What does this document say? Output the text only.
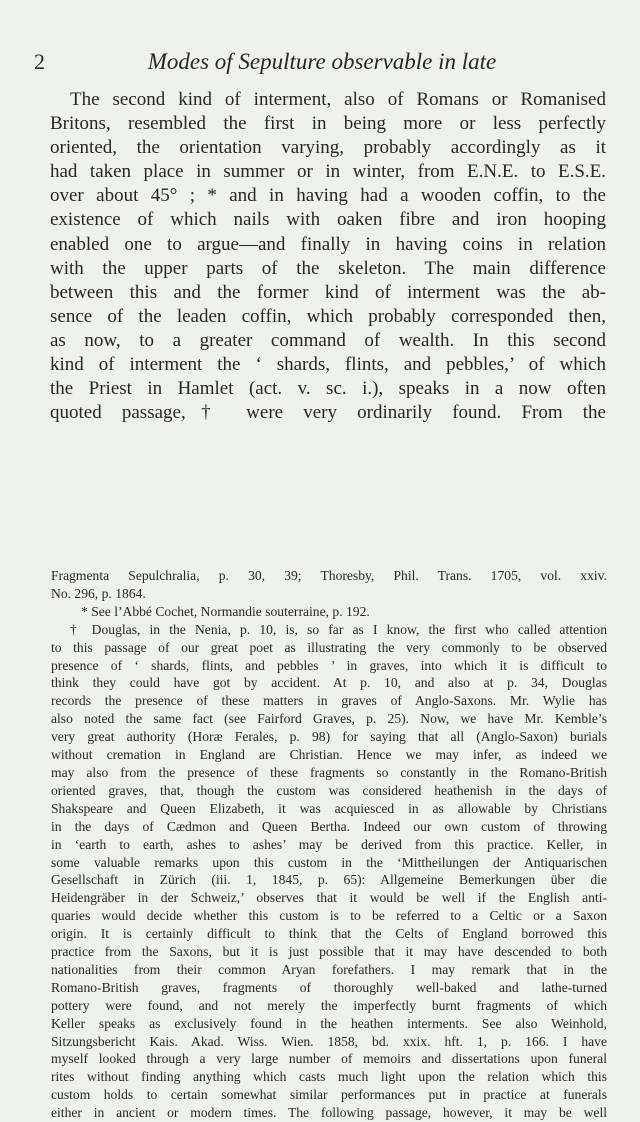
2	Modes of Sepulture observable in late
The second kind of interment, also of Romans or Romanised
Britons, resembled the first in being more or less perfectly
oriented, the orientation varying, probably accordingly as it
had taken place in summer or in winter, from E.N.E. to E.S.E.
over about 45° ; * and in having had a wooden coffin, to the
existence of which nails with oaken fibre and iron hooping
enabled one to argue—and finally in having coins in relation
with the upper parts of the skeleton. The main difference
between this and the former kind of interment was the ab-
sence of the leaden coffin, which probably corresponded then,
as now, to a greater command of wealth. In this second
kind of interment the ‘ shards, flints, and pebbles,’ of which
the Priest in Hamlet (act. v. sc. i.), speaks in a now often
quoted passage,† were very ordinarily found. From the
Fragmenta Sepulchralia, p. 30, 39; Thoresby, Phil. Trans. 1705, vol. xxiv.
No. 296, p. 1864.
* See l’Abbé Cochet, Normandie souterraine, p. 192.
† Douglas, in the Nenia, p. 10, is, so far as I know, the first who called attention
to this passage of our great poet as illustrating the very commonly to be observed
presence of ‘ shards, flints, and pebbles ’ in graves, into which it is difficult to
think they could have got by accident. At p. 10, and also at p. 34, Douglas
records the presence of these matters in graves of Anglo-Saxons. Mr. Wylie has
also noted the same fact (see Fairford Graves, p. 25). Now, we have Mr. Kemble’s
very great authority (Horæ Ferales, p. 98) for saying that all (Anglo-Saxon) burials
without cremation in England are Christian. Hence we may infer, as indeed we
may also from the presence of these fragments so constantly in the Romano-British
oriented graves, that, though the custom was considered heathenish in the days of
Shakspeare and Queen Elizabeth, it was acquiesced in as allowable by Christians
in the days of Cædmon and Queen Bertha. Indeed our own custom of throwing
in ‘earth to earth, ashes to ashes’ may be derived from this practice. Keller, in
some valuable remarks upon this custom in the ‘Mittheilungen der Antiquarischen
Gesellschaft in Zürich (iii. 1, 1845, p. 65): Allgemeine Bemerkungen über die
Heidengräber in der Schweiz,’ observes that it would be well if the English anti-
quaries would decide whether this custom is to be referred to a Celtic or a Saxon
origin. It is certainly difficult to think that the Celts of England borrowed this
practice from the Saxons, but it is just possible that it may have descended to both
nationalities from their common Aryan forefathers. I may remark that in the
Romano-British graves, fragments of thoroughly well-baked and lathe-turned
pottery were found, and not merely the imperfectly burnt fragments of which
Keller speaks as exclusively found in the heathen interments. See also Weinhold,
Sitzungsbericht Kais. Akad. Wiss. Wien. 1858, bd. xxix. hft. 1, p. 166. I have
myself looked through a very large number of memoirs and dissertations upon funeral
rites without finding anything which casts much light upon the relation which this
custom holds to certain somewhat similar performances put in practice at funerals
either in ancient or modern times. The following passage, however, it may be well
